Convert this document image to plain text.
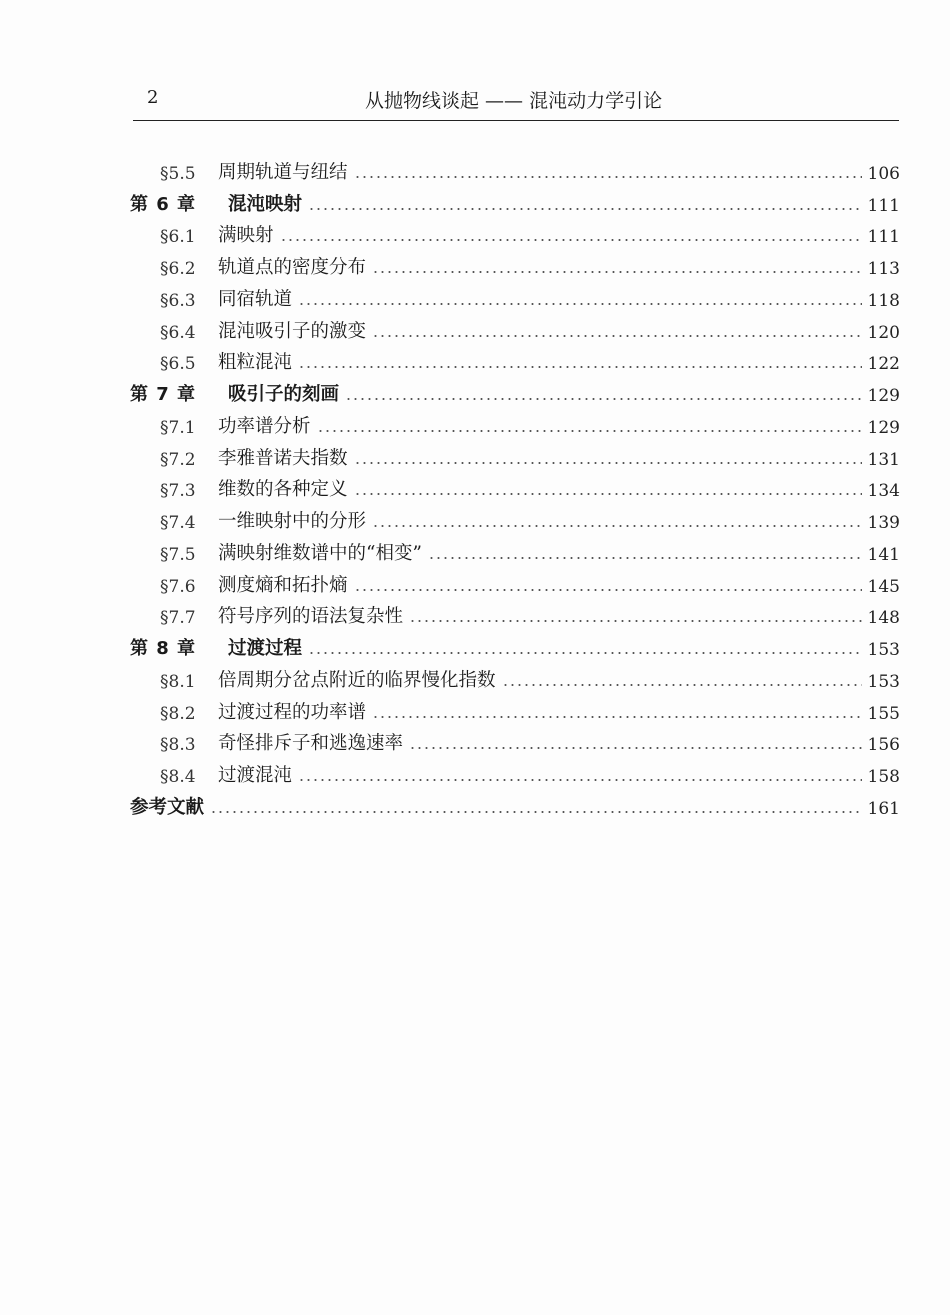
2	从抛物线谈起 —— 混沌动力学引论
§5.5	周期轨道与纽结	106
第 6 章	混沌映射	111
§6.1	满映射	111
§6.2	轨道点的密度分布	113
§6.3	同宿轨道	118
§6.4	混沌吸引子的激变	120
§6.5	粗粒混沌	122
第 7 章	吸引子的刻画	129
§7.1	功率谱分析	129
§7.2	李雅普诺夫指数	131
§7.3	维数的各种定义	134
§7.4	一维映射中的分形	139
§7.5	满映射维数谱中的“相变”	141
§7.6	测度熵和拓扑熵	145
§7.7	符号序列的语法复杂性	148
第 8 章	过渡过程	153
§8.1	倍周期分岔点附近的临界慢化指数	153
§8.2	过渡过程的功率谱	155
§8.3	奇怪排斥子和逃逸速率	156
§8.4	过渡混沌	158
参考文献	161
